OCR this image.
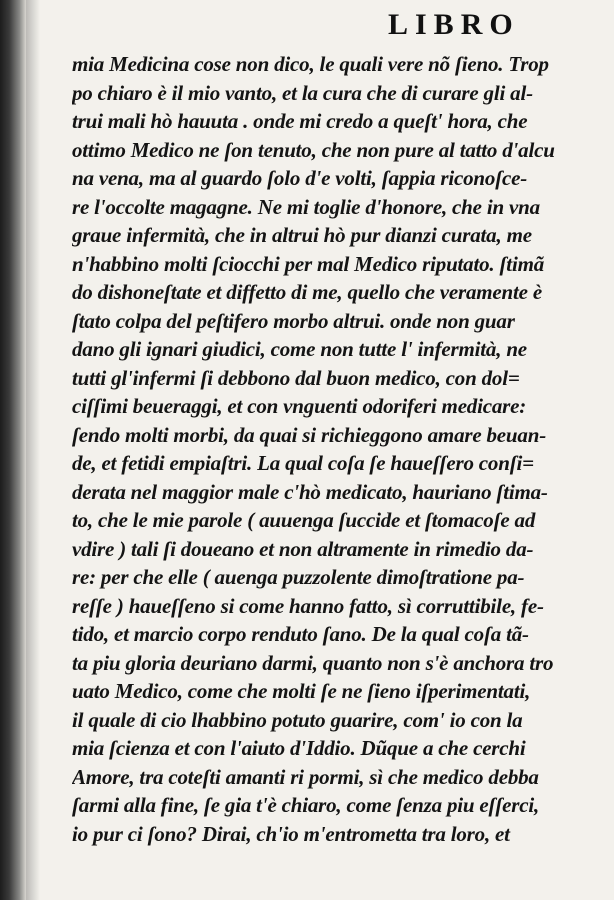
LIBRO
mia Medicina cose non dico, le quali vere nõ ſieno. Trop
po chiaro è il mio vanto, et la cura che di curare gli al-
trui mali hò hauuta . onde mi credo a queſt' hora, che
ottimo Medico ne ſon tenuto, che non pure al tatto d'alcu
na vena, ma al guardo ſolo d'e volti, ſappia riconoſce-
re l'occolte magagne. Ne mi toglie d'honore, che in vna
graue infermità, che in altrui hò pur dianzi curata, me
n'habbino molti ſciocchi per mal Medico riputato. ſtimã
do dishoneſtate et diffetto di me, quello che veramente è
ſtato colpa del peſtifero morbo altrui. onde non guar
dano gli ignari giudici, come non tutte l' infermità, ne
tutti gl'infermi ſi debbono dal buon medico, con dol=
ciſſimi beueraggi, et con vnguenti odoriferi medicare:
ſendo molti morbi, da quai si richieggono amare beuan-
de, et fetidi empiaſtri. La qual coſa ſe haueſſero conſi=
derata nel maggior male c'hò medicato, hauriano ſtima-
to, che le mie parole ( auuenga ſuccide et ſtomacoſe ad
vdire ) tali ſi doueano et non altramente in rimedio da-
re: per che elle ( auenga puzzolente dimoſtratione pa-
reſſe ) haueſſeno si come hanno fatto, sì corruttibile, fe-
tido, et marcio corpo renduto ſano. De la qual coſa tã-
ta piu gloria deuriano darmi, quanto non s'è anchora tro
uato Medico, come che molti ſe ne ſieno iſperimentati,
il quale di cio lhabbino potuto guarire, com' io con la
mia ſcienza et con l'aiuto d'Iddio. Dũque a che cerchi
Amore, tra coteſti amanti ri pormi, sì che medico debba
ſarmi alla fine, ſe gia t'è chiaro, come ſenza piu eſſerci,
io pur ci ſono? Dirai, ch'io m'entrometta tra loro, et
